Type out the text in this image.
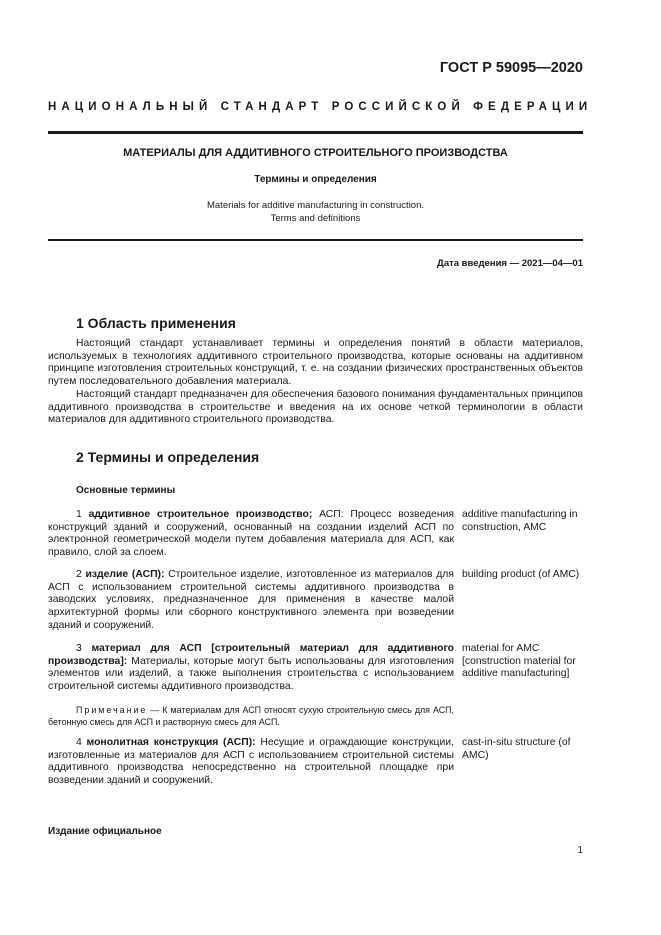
ГОСТ Р 59095—2020
НАЦИОНАЛЬНЫЙ СТАНДАРТ РОССИЙСКОЙ ФЕДЕРАЦИИ
МАТЕРИАЛЫ ДЛЯ АДДИТИВНОГО СТРОИТЕЛЬНОГО ПРОИЗВОДСТВА
Термины и определения
Materials for additive manufacturing in construction.
Terms and definitions
Дата введения — 2021—04—01
1 Область применения

Настоящий стандарт устанавливает термины и определения понятий в области материалов, используемых в технологиях аддитивного строительного производства, которые основаны на аддитивном принципе изготовления строительных конструкций, т. е. на создании физических пространственных объектов путем последовательного добавления материала.

Настоящий стандарт предназначен для обеспечения базового понимания фундаментальных принципов аддитивного производства в строительстве и введения на их основе четкой терминологии в области материалов для аддитивного строительного производства.

2 Термины и определения
Основные термины
1 аддитивное строительное производство; АСП: Процесс возведения конструкций зданий и сооружений, основанный на создании изделий АСП по электронной геометрической модели путем добавления материала для АСП, как правило, слой за слоем.
additive manufacturing in construction, AMC
2 изделие (АСП): Строительное изделие, изготовленное из материалов для АСП с использованием строительной системы аддитивного производства в заводских условиях, предназначенное для применения в качестве малой архитектурной формы или сборного конструктивного элемента при возведении зданий и сооружений.
building product (of AMC)
3 материал для АСП [строительный материал для аддитивного производства]: Материалы, которые могут быть использованы для изготовления элементов или изделий, а также выполнения строительства с использованием строительной системы аддитивного производства.
material for AMC [construction material for additive manufacturing]
Примечание — К материалам для АСП относят сухую строительную смесь для АСП, бетонную смесь для АСП и растворную смесь для АСП.
4 монолитная конструкция (АСП): Несущие и ограждающие конструкции, изготовленные из материалов для АСП с использованием строительной системы аддитивного производства непосредственно на строительной площадке при возведении зданий и сооружений.
cast-in-situ structure (of AMC)
Издание официальное
1
